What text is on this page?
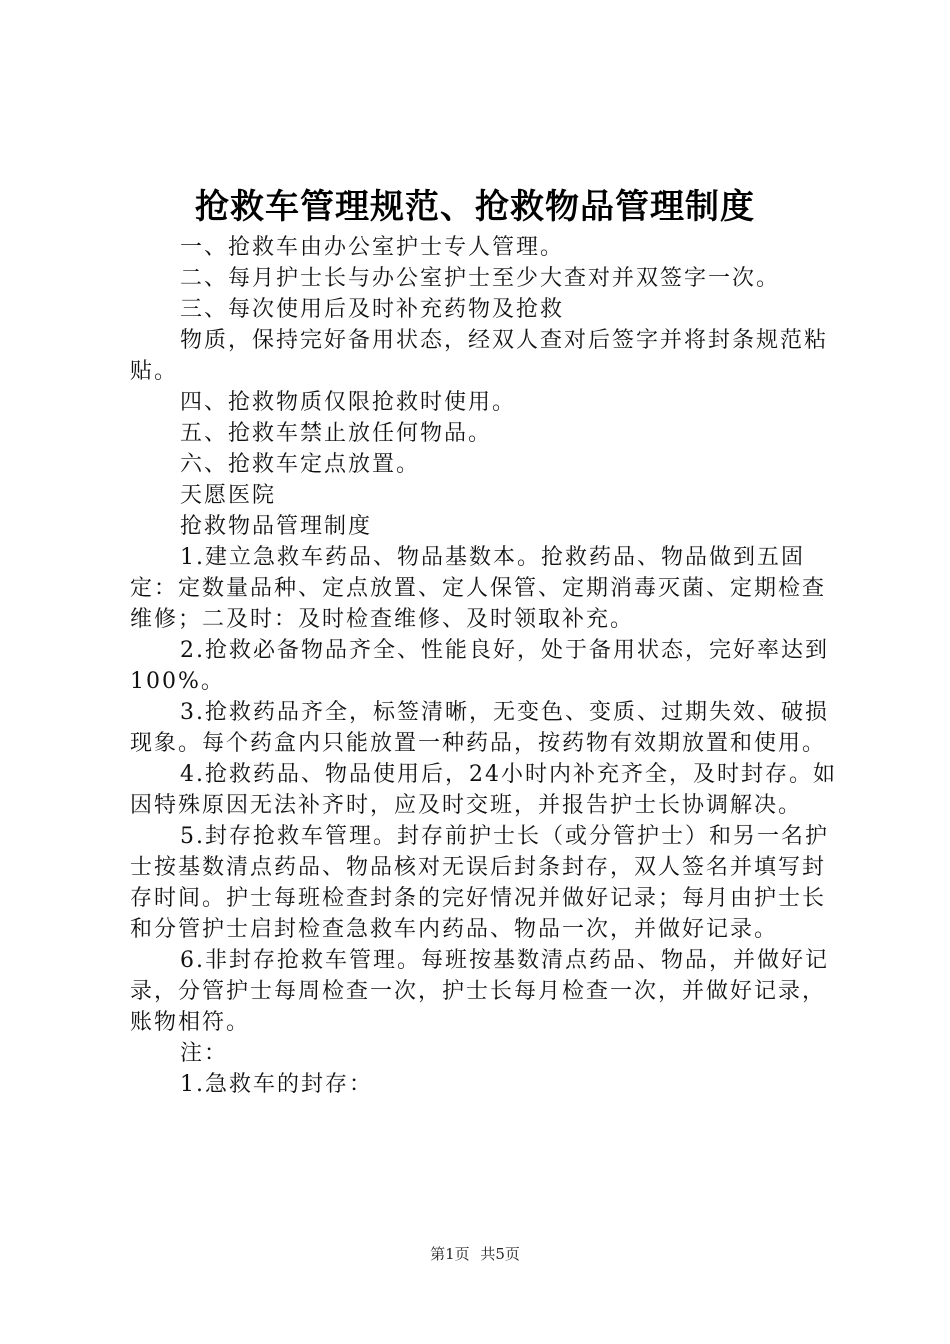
抢救车管理规范、抢救物品管理制度

一、抢救车由办公室护士专人管理。

二、每月护士长与办公室护士至少大查对并双签字一次。

三、每次使用后及时补充药物及抢救

物质，保持完好备用状态，经双人查对后签字并将封条规范粘贴。

四、抢救物质仅限抢救时使用。

五、抢救车禁止放任何物品。

六、抢救车定点放置。

天愿医院

抢救物品管理制度

1.建立急救车药品、物品基数本。抢救药品、物品做到五固定：定数量品种、定点放置、定人保管、定期消毒灭菌、定期检查维修；二及时：及时检查维修、及时领取补充。

2.抢救必备物品齐全、性能良好，处于备用状态，完好率达到100%。

3.抢救药品齐全，标签清晰，无变色、变质、过期失效、破损现象。每个药盒内只能放置一种药品，按药物有效期放置和使用。

4.抢救药品、物品使用后，24小时内补充齐全，及时封存。如因特殊原因无法补齐时，应及时交班，并报告护士长协调解决。

5.封存抢救车管理。封存前护士长（或分管护士）和另一名护士按基数清点药品、物品核对无误后封条封存，双人签名并填写封存时间。护士每班检查封条的完好情况并做好记录；每月由护士长和分管护士启封检查急救车内药品、物品一次，并做好记录。

6.非封存抢救车管理。每班按基数清点药品、物品，并做好记录，分管护士每周检查一次，护士长每月检查一次，并做好记录，账物相符。

注：

1.急救车的封存：

第1页 共5页
